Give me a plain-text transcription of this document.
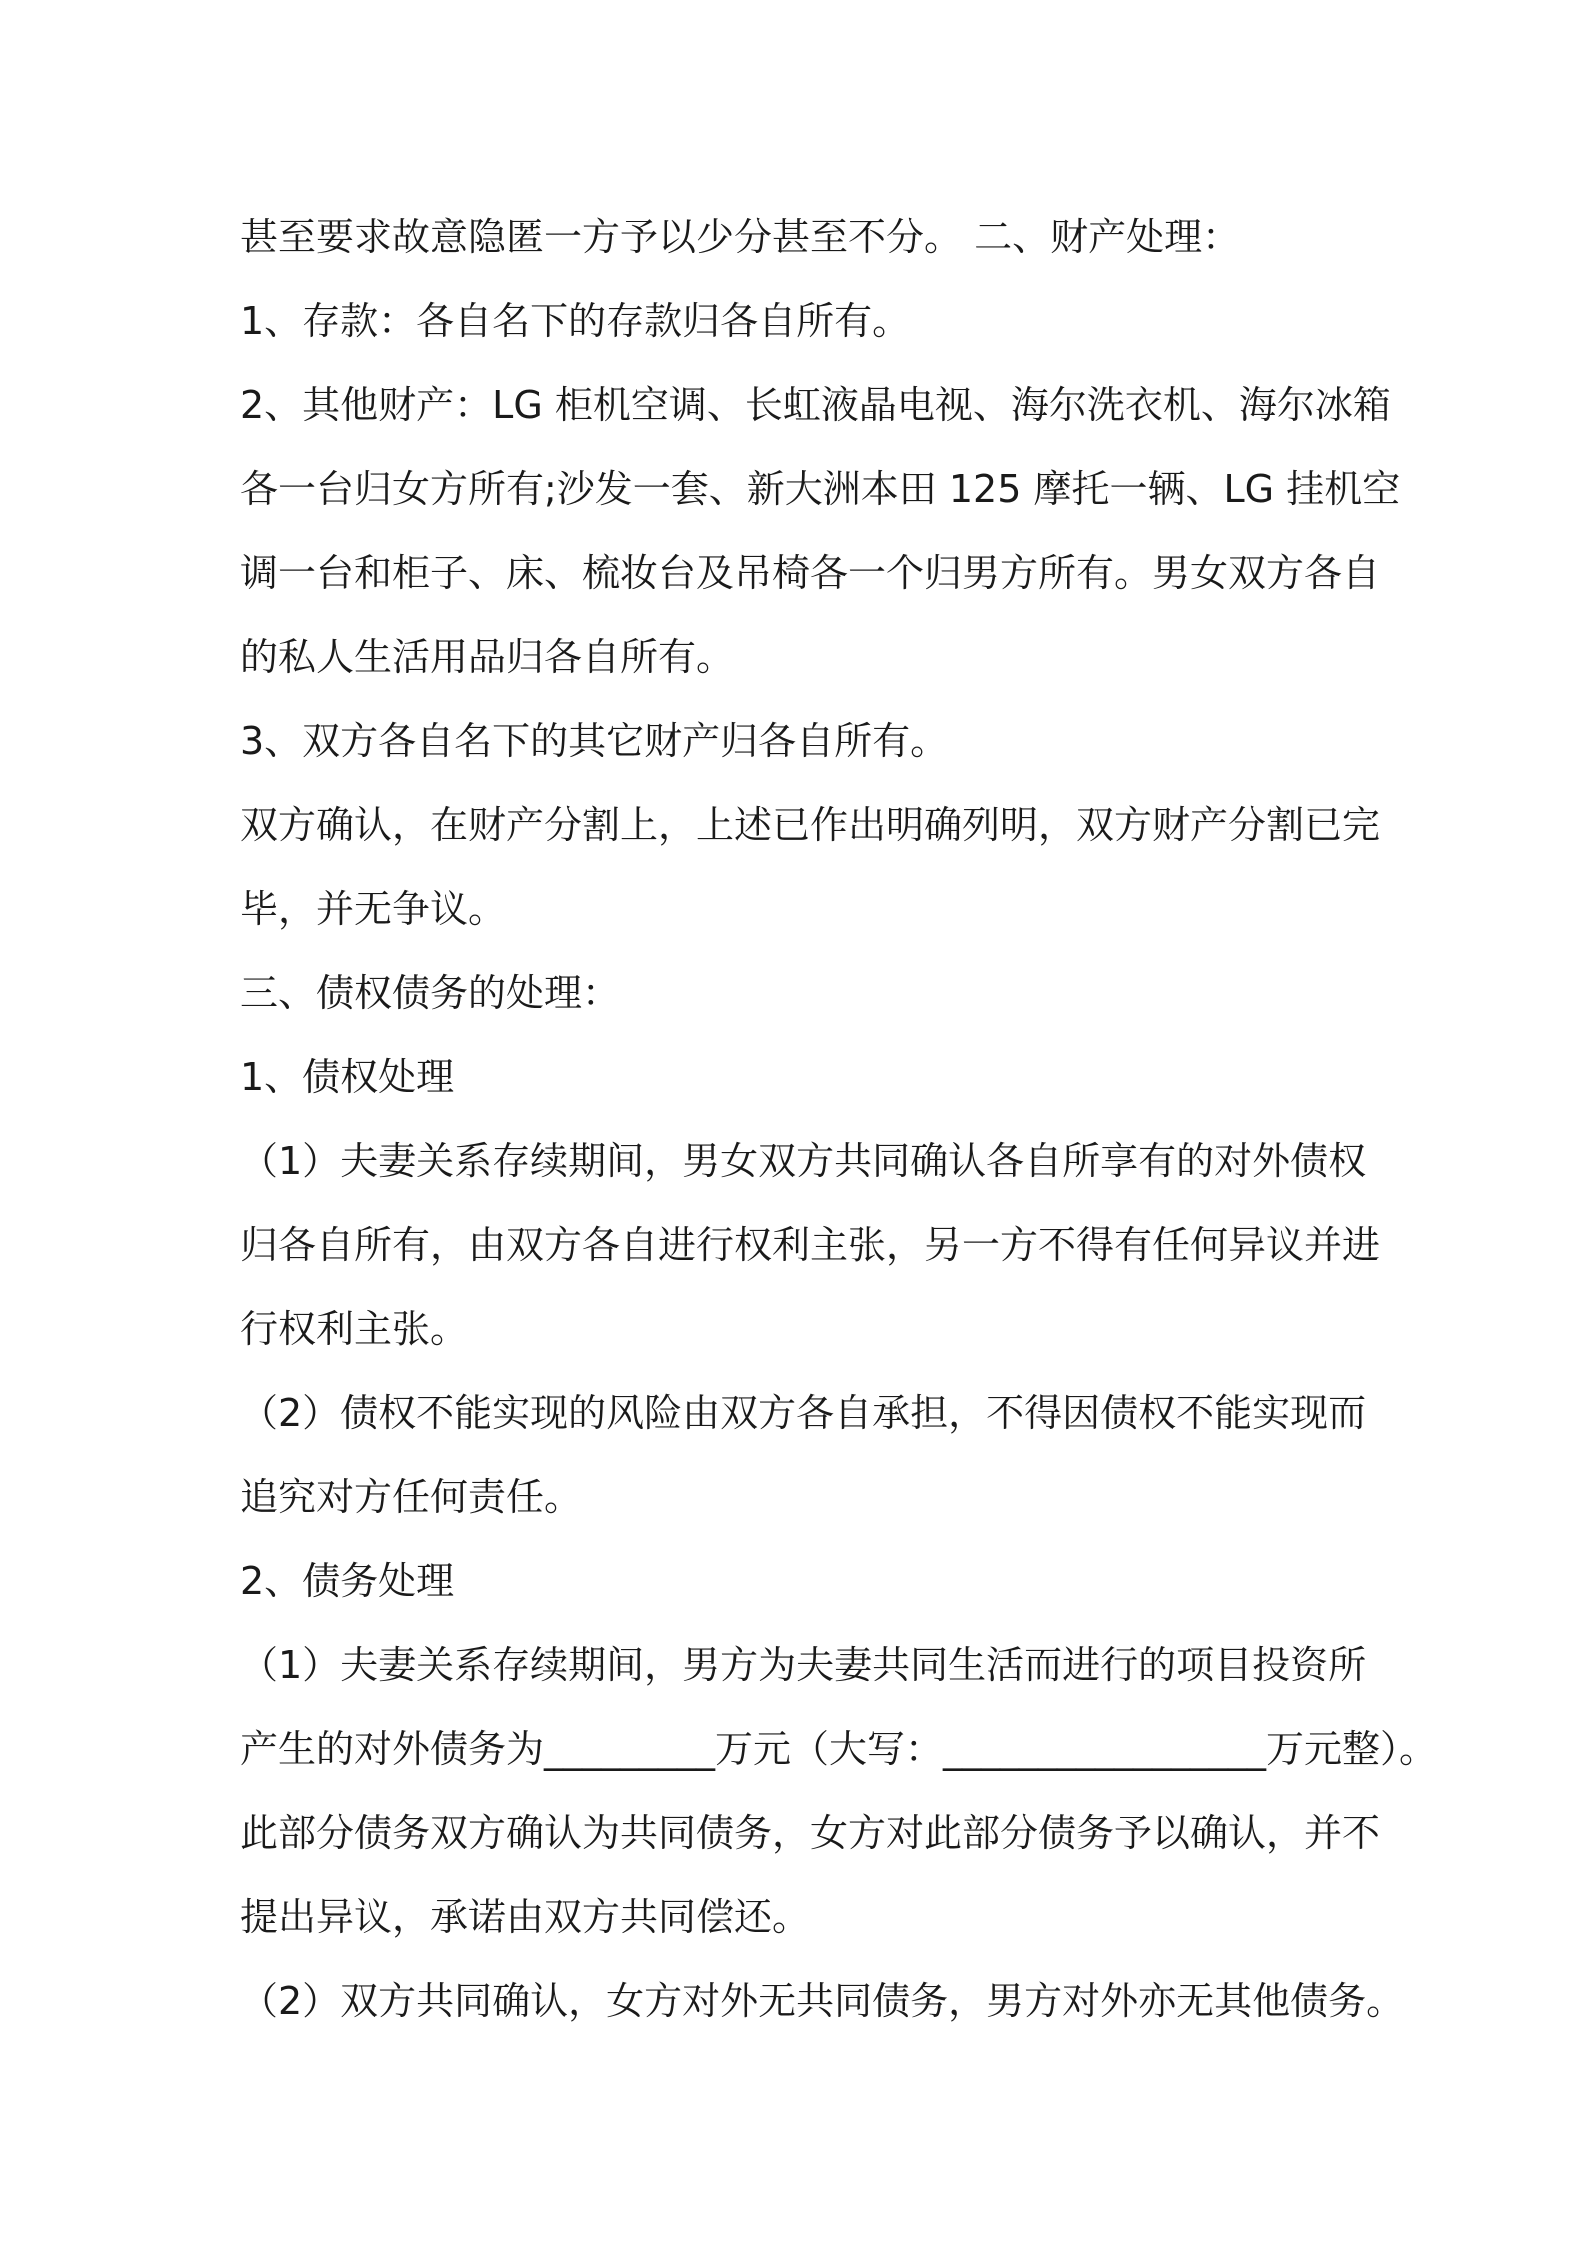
甚至要求故意隐匿一方予以少分甚至不分。 二、财产处理：
1、存款：各自名下的存款归各自所有。
2、其他财产：LG 柜机空调、长虹液晶电视、海尔洗衣机、海尔冰箱
各一台归女方所有;沙发一套、新大洲本田 125 摩托一辆、LG 挂机空
调一台和柜子、床、梳妆台及吊椅各一个归男方所有。男女双方各自
的私人生活用品归各自所有。
3、双方各自名下的其它财产归各自所有。
双方确认，在财产分割上，上述已作出明确列明，双方财产分割已完
毕，并无争议。
三、债权债务的处理：
1、债权处理
（1）夫妻关系存续期间，男女双方共同确认各自所享有的对外债权
归各自所有，由双方各自进行权利主张，另一方不得有任何异议并进
行权利主张。
（2）债权不能实现的风险由双方各自承担，不得因债权不能实现而
追究对方任何责任。
2、债务处理
（1）夫妻关系存续期间，男方为夫妻共同生活而进行的项目投资所
产生的对外债务为_________万元（大写：_________________万元整）。
此部分债务双方确认为共同债务，女方对此部分债务予以确认，并不
提出异议，承诺由双方共同偿还。
（2）双方共同确认，女方对外无共同债务，男方对外亦无其他债务。
